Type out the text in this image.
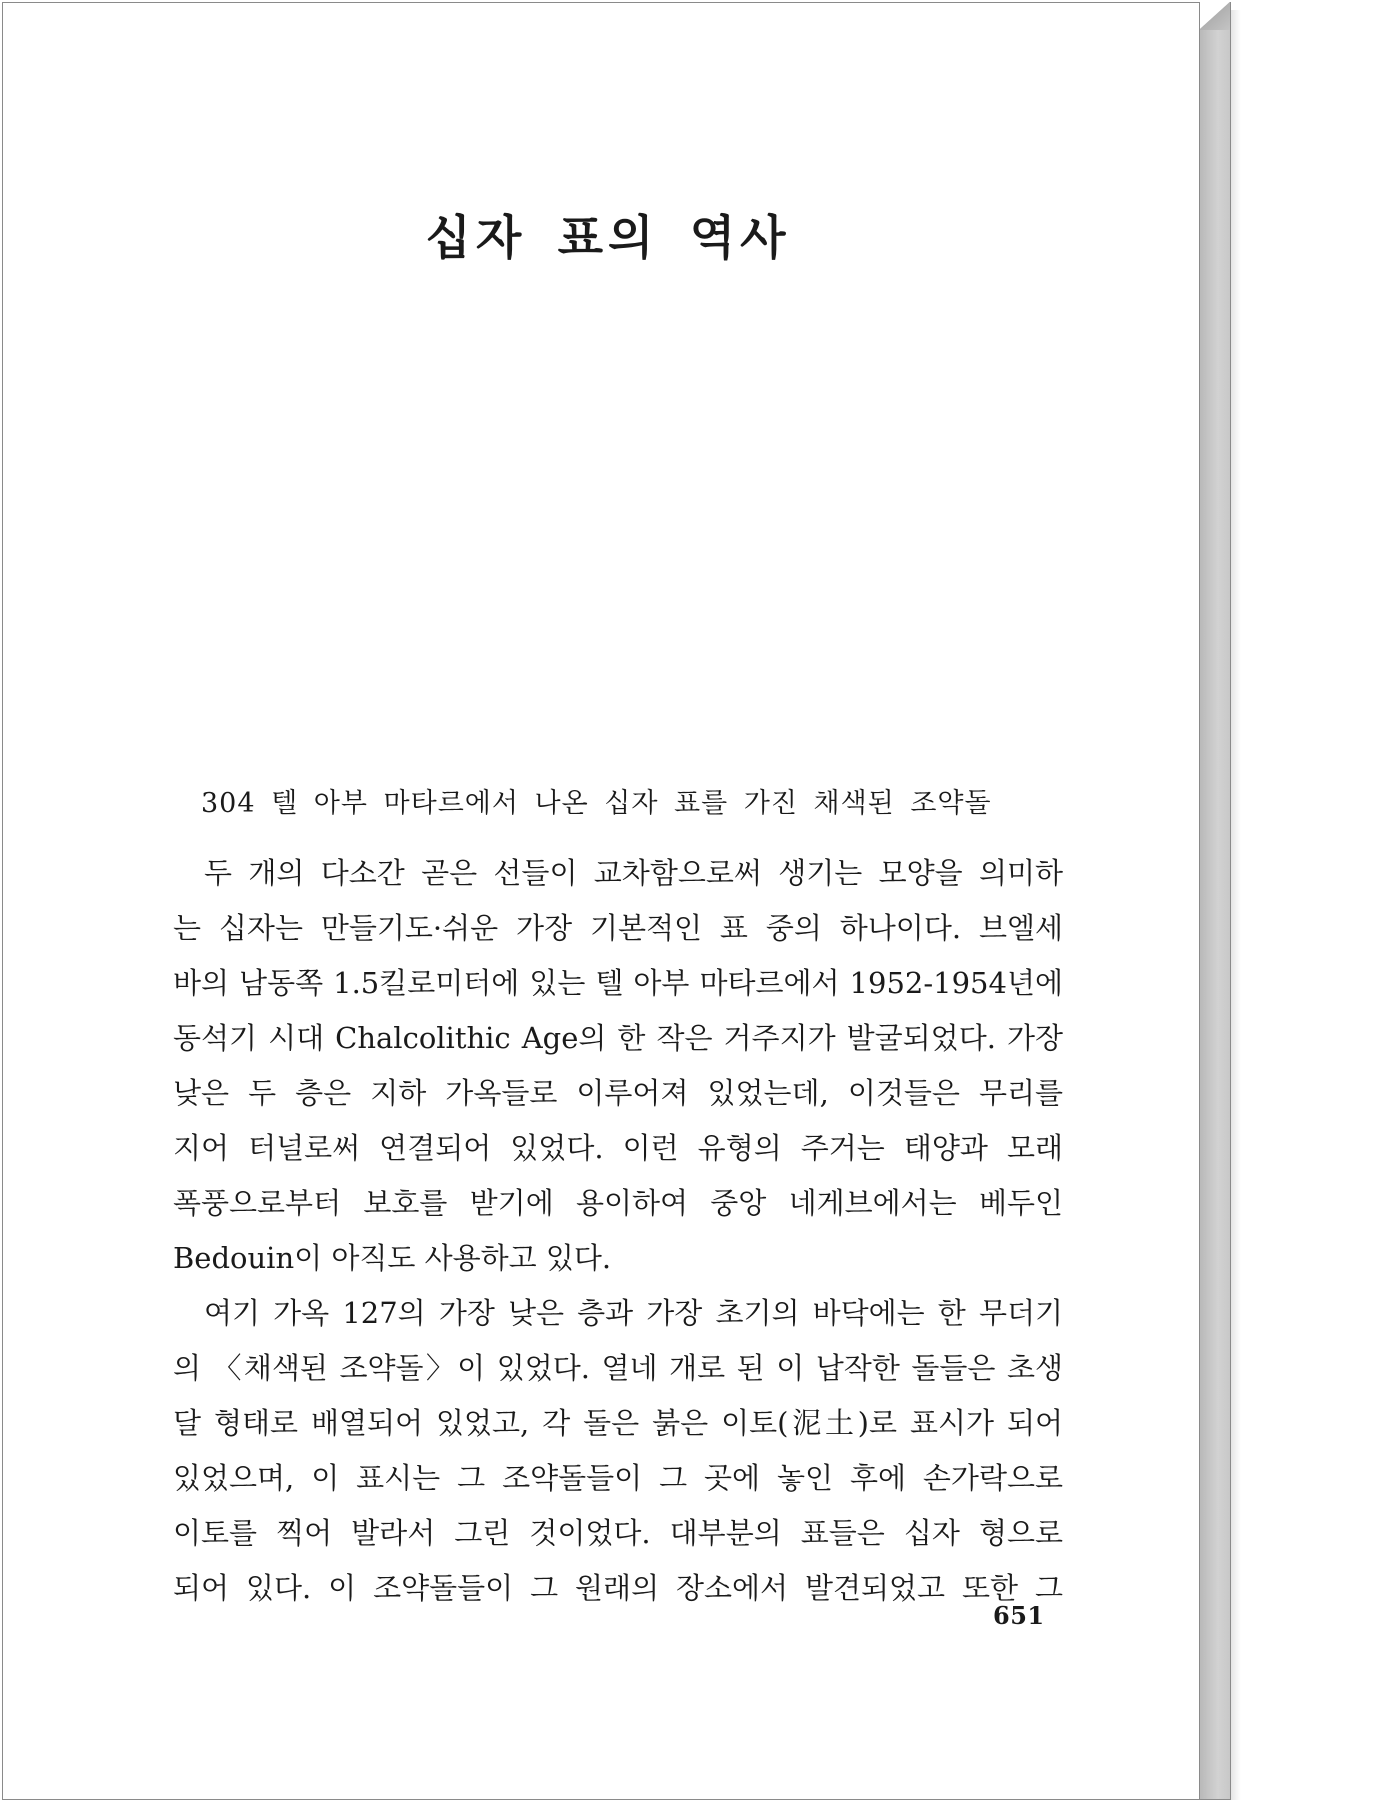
십자 표의 역사
304 텔 아부 마타르에서 나온 십자 표를 가진 채색된 조약돌
두 개의 다소간 곧은 선들이 교차함으로써 생기는 모양을 의미하
는 십자는 만들기도·쉬운 가장 기본적인 표 중의 하나이다. 브엘세
바의 남동쪽 1.5킬로미터에 있는 텔 아부 마타르에서 1952-1954년에
동석기 시대 Chalcolithic Age의 한 작은 거주지가 발굴되었다. 가장
낮은 두 층은 지하 가옥들로 이루어져 있었는데, 이것들은 무리를
지어 터널로써 연결되어 있었다. 이런 유형의 주거는 태양과 모래
폭풍으로부터 보호를 받기에 용이하여 중앙 네게브에서는 베두인
Bedouin이 아직도 사용하고 있다.
여기 가옥 127의 가장 낮은 층과 가장 초기의 바닥에는 한 무더기
의 〈채색된 조약돌〉이 있었다. 열네 개로 된 이 납작한 돌들은 초생
달 형태로 배열되어 있었고, 각 돌은 붉은 이토(泥土)로 표시가 되어
있었으며, 이 표시는 그 조약돌들이 그 곳에 놓인 후에 손가락으로
이토를 찍어 발라서 그린 것이었다. 대부분의 표들은 십자 형으로
되어 있다. 이 조약돌들이 그 원래의 장소에서 발견되었고 또한 그
651
